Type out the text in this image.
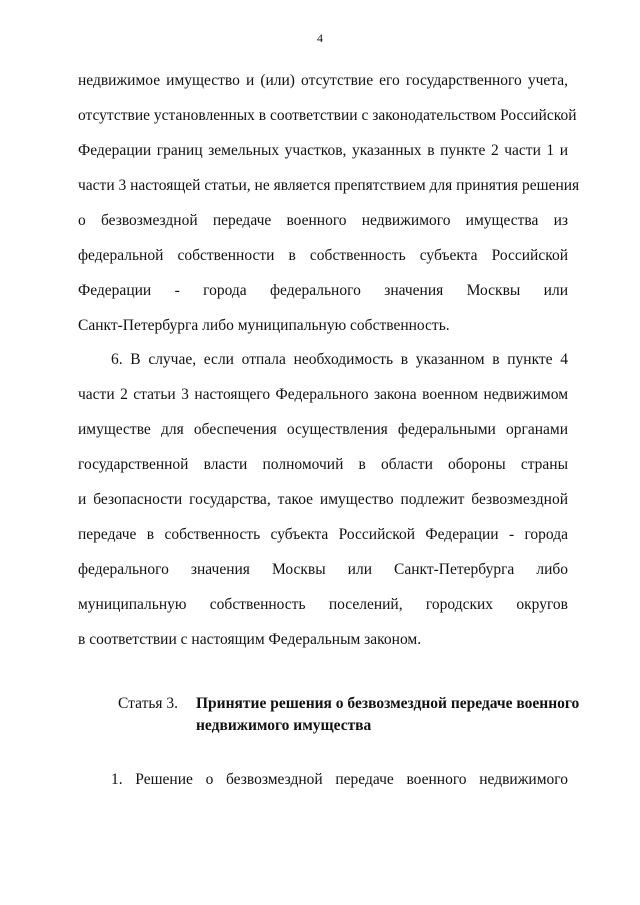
4
недвижимое имущество и (или) отсутствие его государственного учета,
отсутствие установленных в соответствии с законодательством Российской
Федерации границ земельных участков, указанных в пункте 2 части 1 и
части 3 настоящей статьи, не является препятствием для принятия решения
о безвозмездной передаче военного недвижимого имущества из
федеральной собственности в собственность субъекта Российской
Федерации - города федерального значения Москвы или
Санкт-Петербурга либо муниципальную собственность.
6. В случае, если отпала необходимость в указанном в пункте 4
части 2 статьи 3 настоящего Федерального закона военном недвижимом
имуществе для обеспечения осуществления федеральными органами
государственной власти полномочий в области обороны страны
и безопасности государства, такое имущество подлежит безвозмездной
передаче в собственность субъекта Российской Федерации - города
федерального значения Москвы или Санкт-Петербурга либо
муниципальную собственность поселений, городских округов
в соответствии с настоящим Федеральным законом.
Статья 3. Принятие решения о безвозмездной передаче военного
недвижимого имущества
1. Решение о безвозмездной передаче военного недвижимого
